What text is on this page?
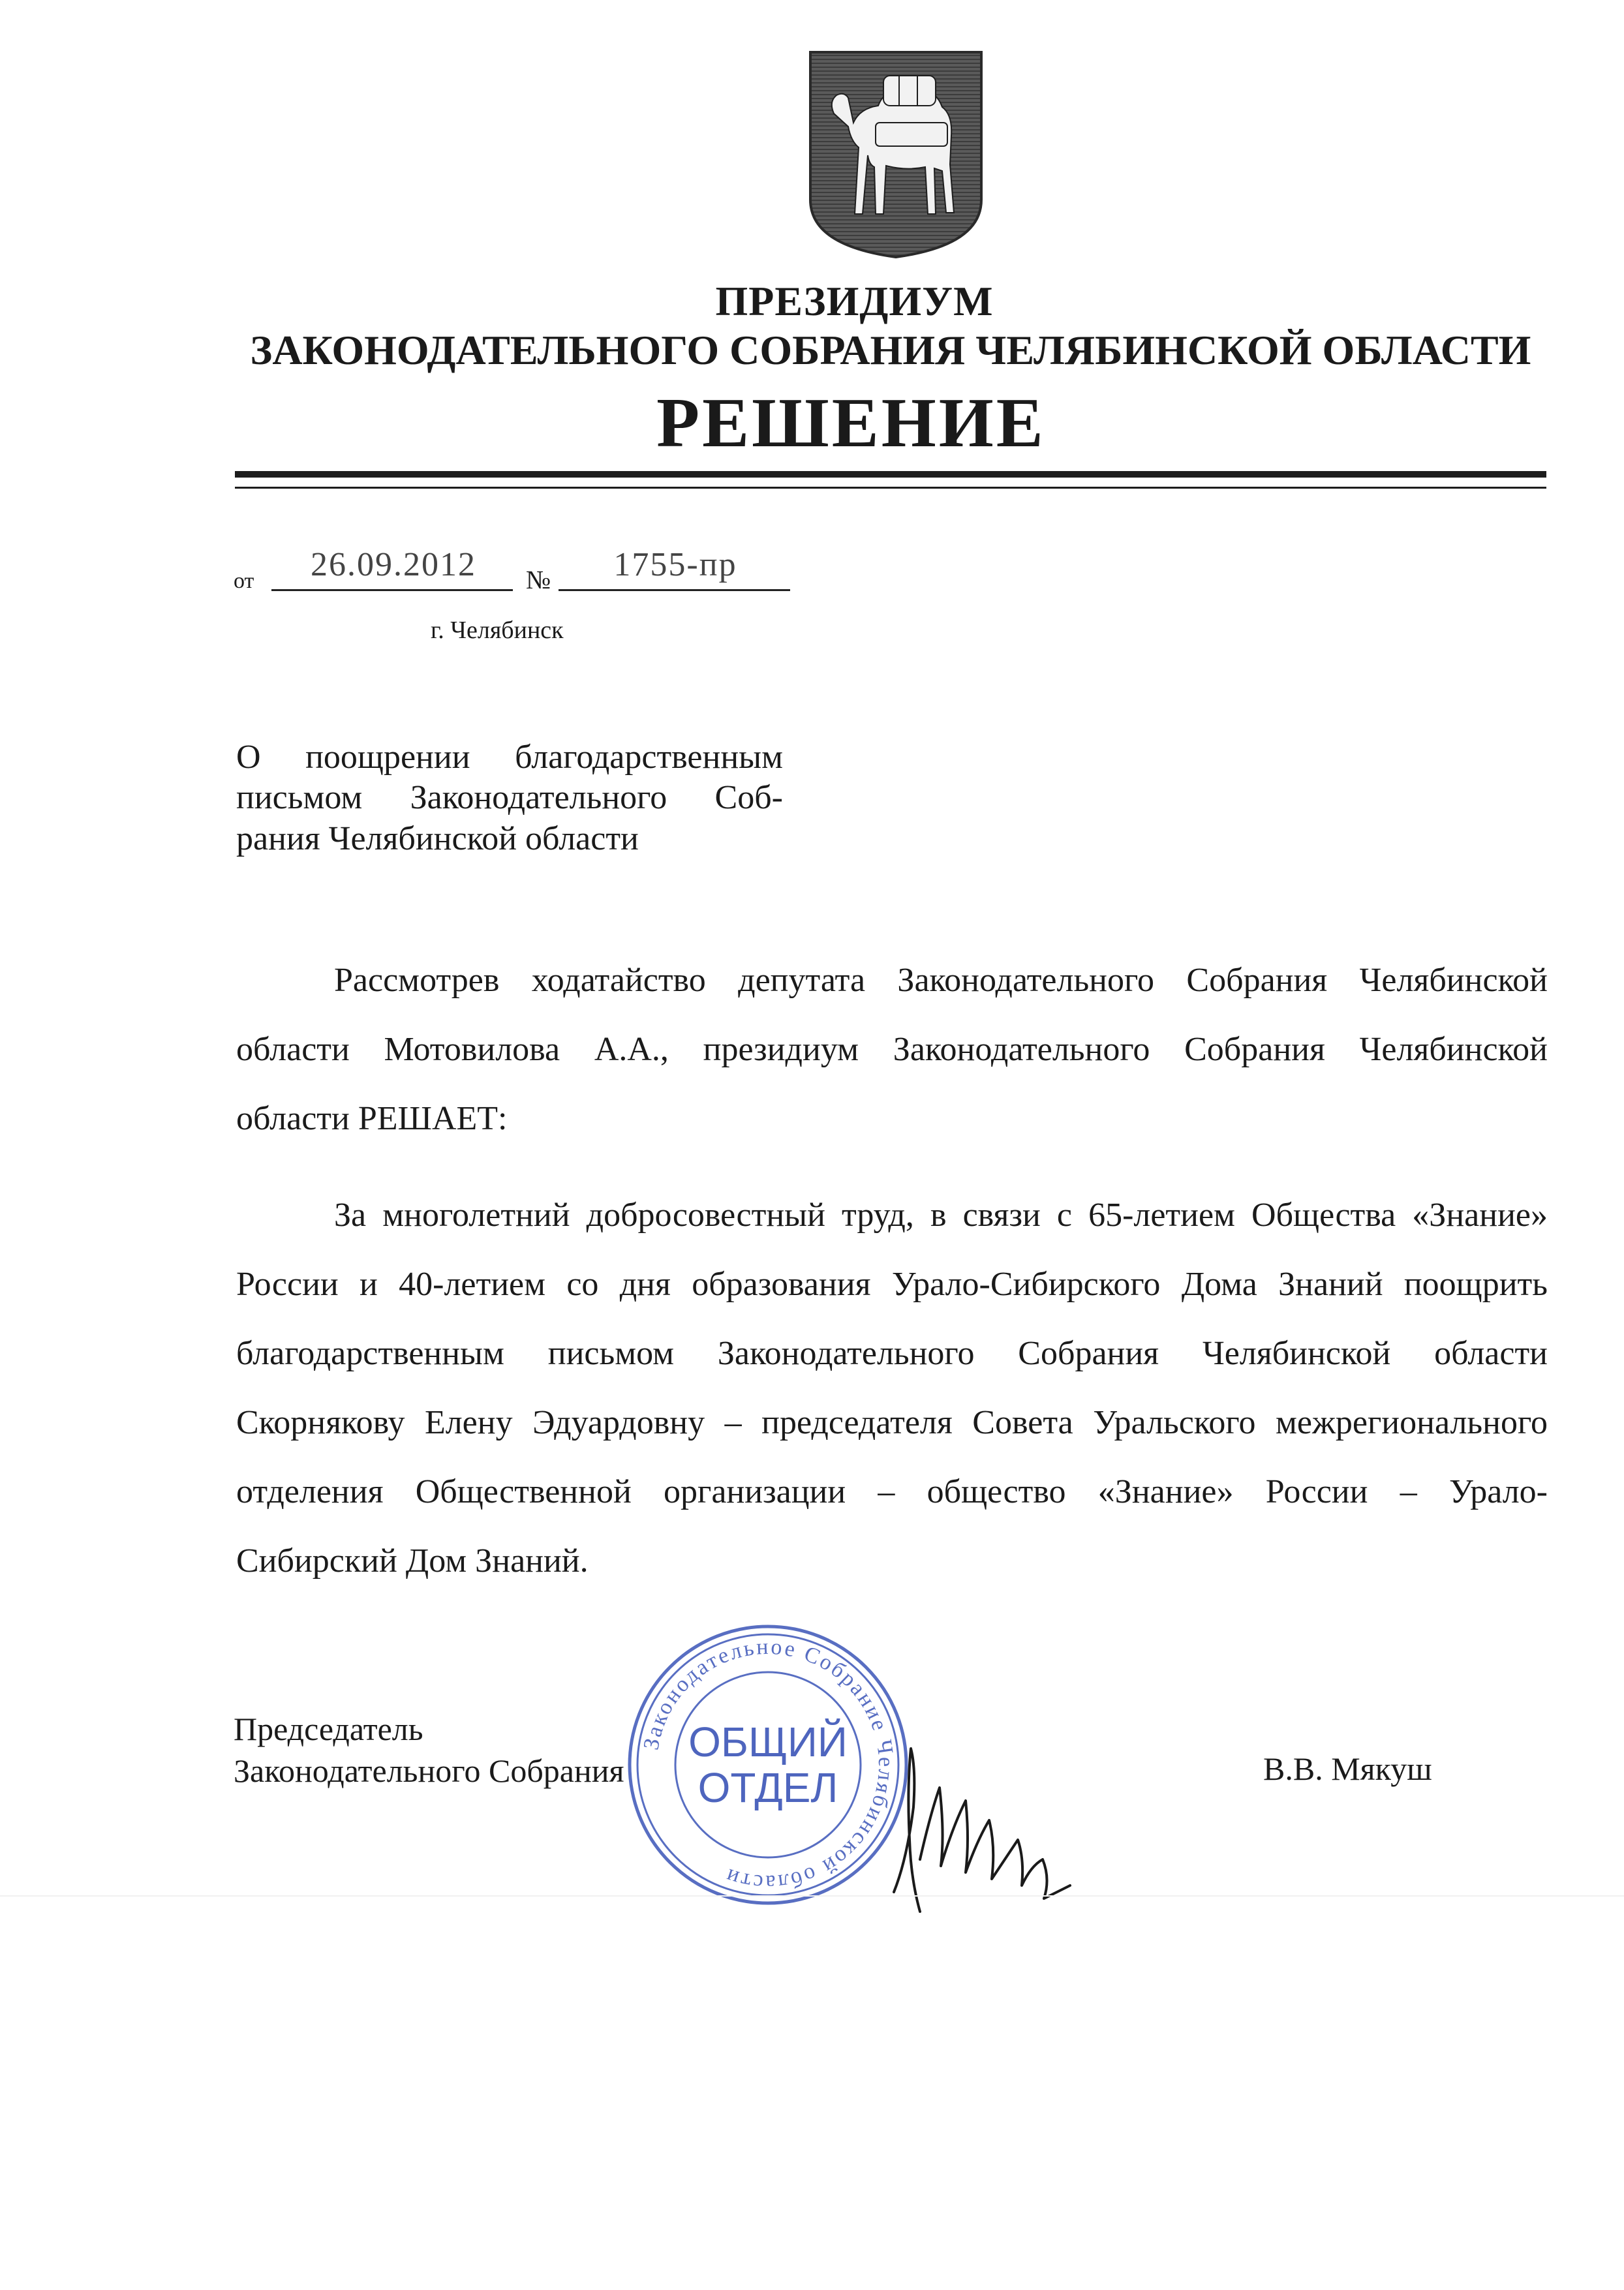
ПРЕЗИДИУМ
ЗАКОНОДАТЕЛЬНОГО СОБРАНИЯ ЧЕЛЯБИНСКОЙ ОБЛАСТИ
РЕШЕНИЕ
от	26.09.2012	№	1755-пр
г. Челябинск
О поощрении благодарственным
письмом Законодательного Соб-
рания Челябинской области
Рассмотрев ходатайство депутата Законодательного Собрания Челябинской
области Мотовилова А.А., президиум Законодательного Собрания Челябинской
области РЕШАЕТ:
За многолетний добросовестный труд, в связи с 65-летием Общества «Знание»
России и 40-летием со дня образования Урало-Сибирского Дома Знаний поощрить
благодарственным письмом Законодательного Собрания Челябинской области
Скорнякову Елену Эдуардовну – председателя Совета Уральского межрегионального
отделения Общественной организации – общество «Знание» России – Урало-
Сибирский Дом Знаний.
Председатель
Законодательного Собрания	В.В. Мякуш
Законодательное Собрание Челябинской области
ОБЩИЙ
ОТДЕЛ
